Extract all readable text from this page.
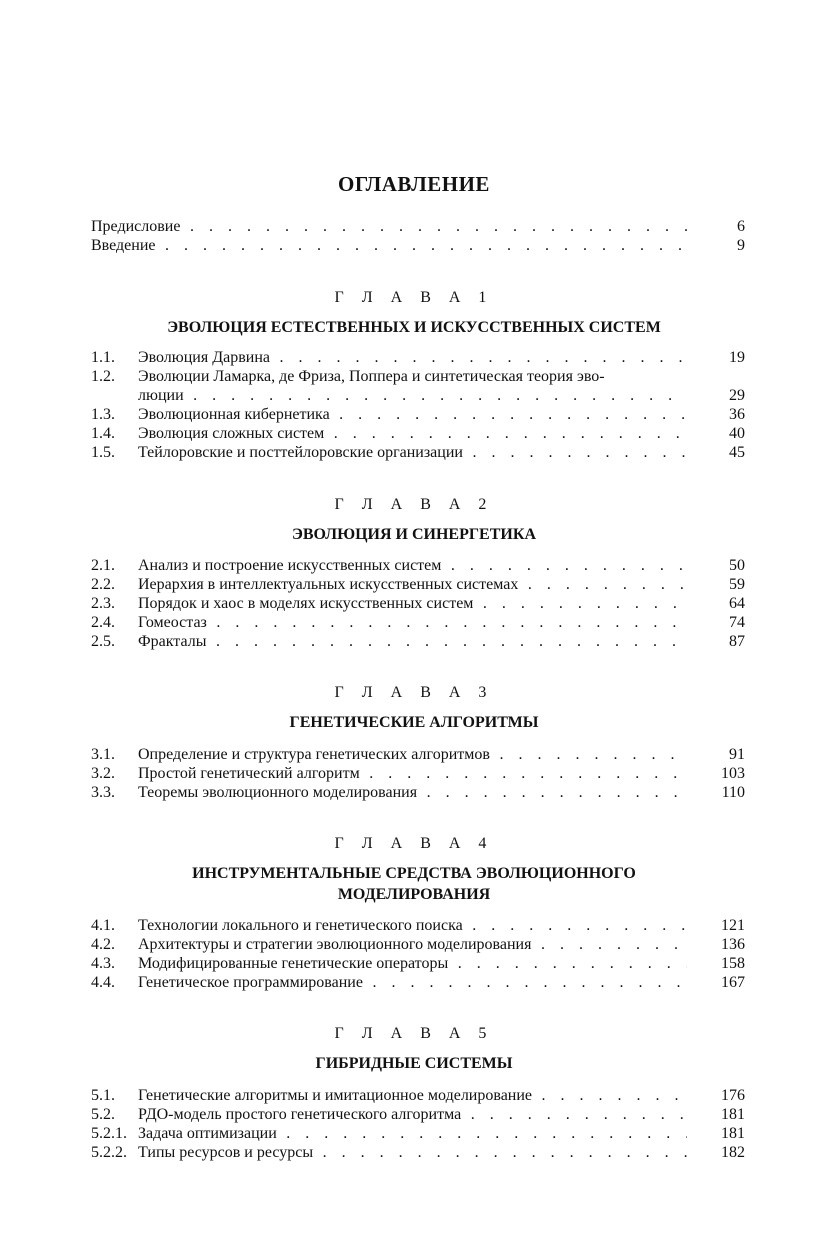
ОГЛАВЛЕНИЕ
Предисловие . . .	6
Введение . . .	9
Г Л А В А 1
ЭВОЛЮЦИЯ ЕСТЕСТВЕННЫХ И ИСКУССТВЕННЫХ СИСТЕМ
1.1. Эволюция Дарвина . . .	19
1.2. Эволюции Ламарка, де Фриза, Поппера и синтетическая теория эво-
люции . . .	29
1.3. Эволюционная кибернетика . . .	36
1.4. Эволюция сложных систем . . .	40
1.5. Тейлоровские и посттейлоровские организации . . .	45
Г Л А В А 2
ЭВОЛЮЦИЯ И СИНЕРГЕТИКА
2.1. Анализ и построение искусственных систем . . .	50
2.2. Иерархия в интеллектуальных искусственных системах . . .	59
2.3. Порядок и хаос в моделях искусственных систем . . .	64
2.4. Гомеостаз . . .	74
2.5. Фракталы . . .	87
Г Л А В А 3
ГЕНЕТИЧЕСКИЕ АЛГОРИТМЫ
3.1. Определение и структура генетических алгоритмов . . .	91
3.2. Простой генетический алгоритм . . .	103
3.3. Теоремы эволюционного моделирования . . .	110
Г Л А В А 4
ИНСТРУМЕНТАЛЬНЫЕ СРЕДСТВА ЭВОЛЮЦИОННОГО
МОДЕЛИРОВАНИЯ
4.1. Технологии локального и генетического поиска . . .	121
4.2. Архитектуры и стратегии эволюционного моделирования . . .	136
4.3. Модифицированные генетические операторы . . .	158
4.4. Генетическое программирование . . .	167
Г Л А В А 5
ГИБРИДНЫЕ СИСТЕМЫ
5.1. Генетические алгоритмы и имитационное моделирование . . .	176
5.2. РДО-модель простого генетического алгоритма . . .	181
5.2.1. Задача оптимизации . . .	181
5.2.2. Типы ресурсов и ресурсы . . .	182
